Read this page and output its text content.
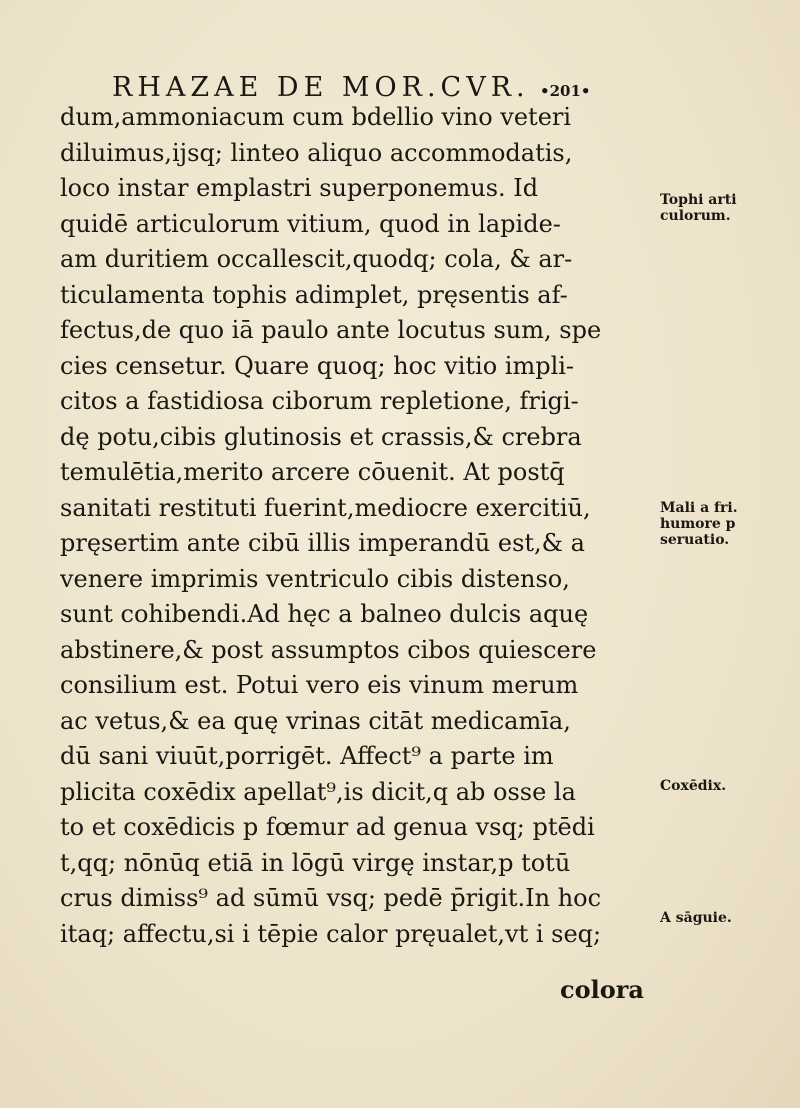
RHAZAE DE MOR.CVR. •201•
dum,ammoniacum cum bdellio vino veteri
diluimus,ijsq; linteo aliquo accommodatis,
loco instar emplastri superponemus. Id
quidē articulorum vitium, quod in lapide-
am duritiem occallescit,quodq; cola, & ar-
ticulamenta tophis adimplet, pręsentis af-
fectus,de quo iā paulo ante locutus sum, spe
cies censetur. Quare quoq; hoc vitio impli-
citos a fastidiosa ciborum repletione, frigi-
dę potu,cibis glutinosis et crassis,& crebra
temulētia,merito arcere cōuenit. At postq̄
sanitati restituti fuerint,mediocre exercitiū,
pręsertim ante cibū illis imperandū est,& a
venere imprimis ventriculo cibis distenso,
sunt cohibendi.Ad hęc a balneo dulcis aquę
abstinere,& post assumptos cibos quiescere
consilium est. Potui vero eis vinum merum
ac vetus,& ea quę vrinas citāt medicamīa,
dū sani viuūt,porrigēt. Affect⁹ a parte im
plicita coxēdix apellat⁹,is dicit,q ab osse la
to et coxēdicis p fœmur ad genua vsq; ptēdi
t,qq; nōnūq etiā in lōgū virgę instar,p totū
crus dimiss⁹ ad sūmū vsq; pedē p̄rigit.In hoc
itaq; affectu,si i tēpie calor pręualet,vt i seq;
Tophi arti
culorum.
Mali a fri.
humore p
seruatio.
Coxēdix.
A sāguie.
colora
